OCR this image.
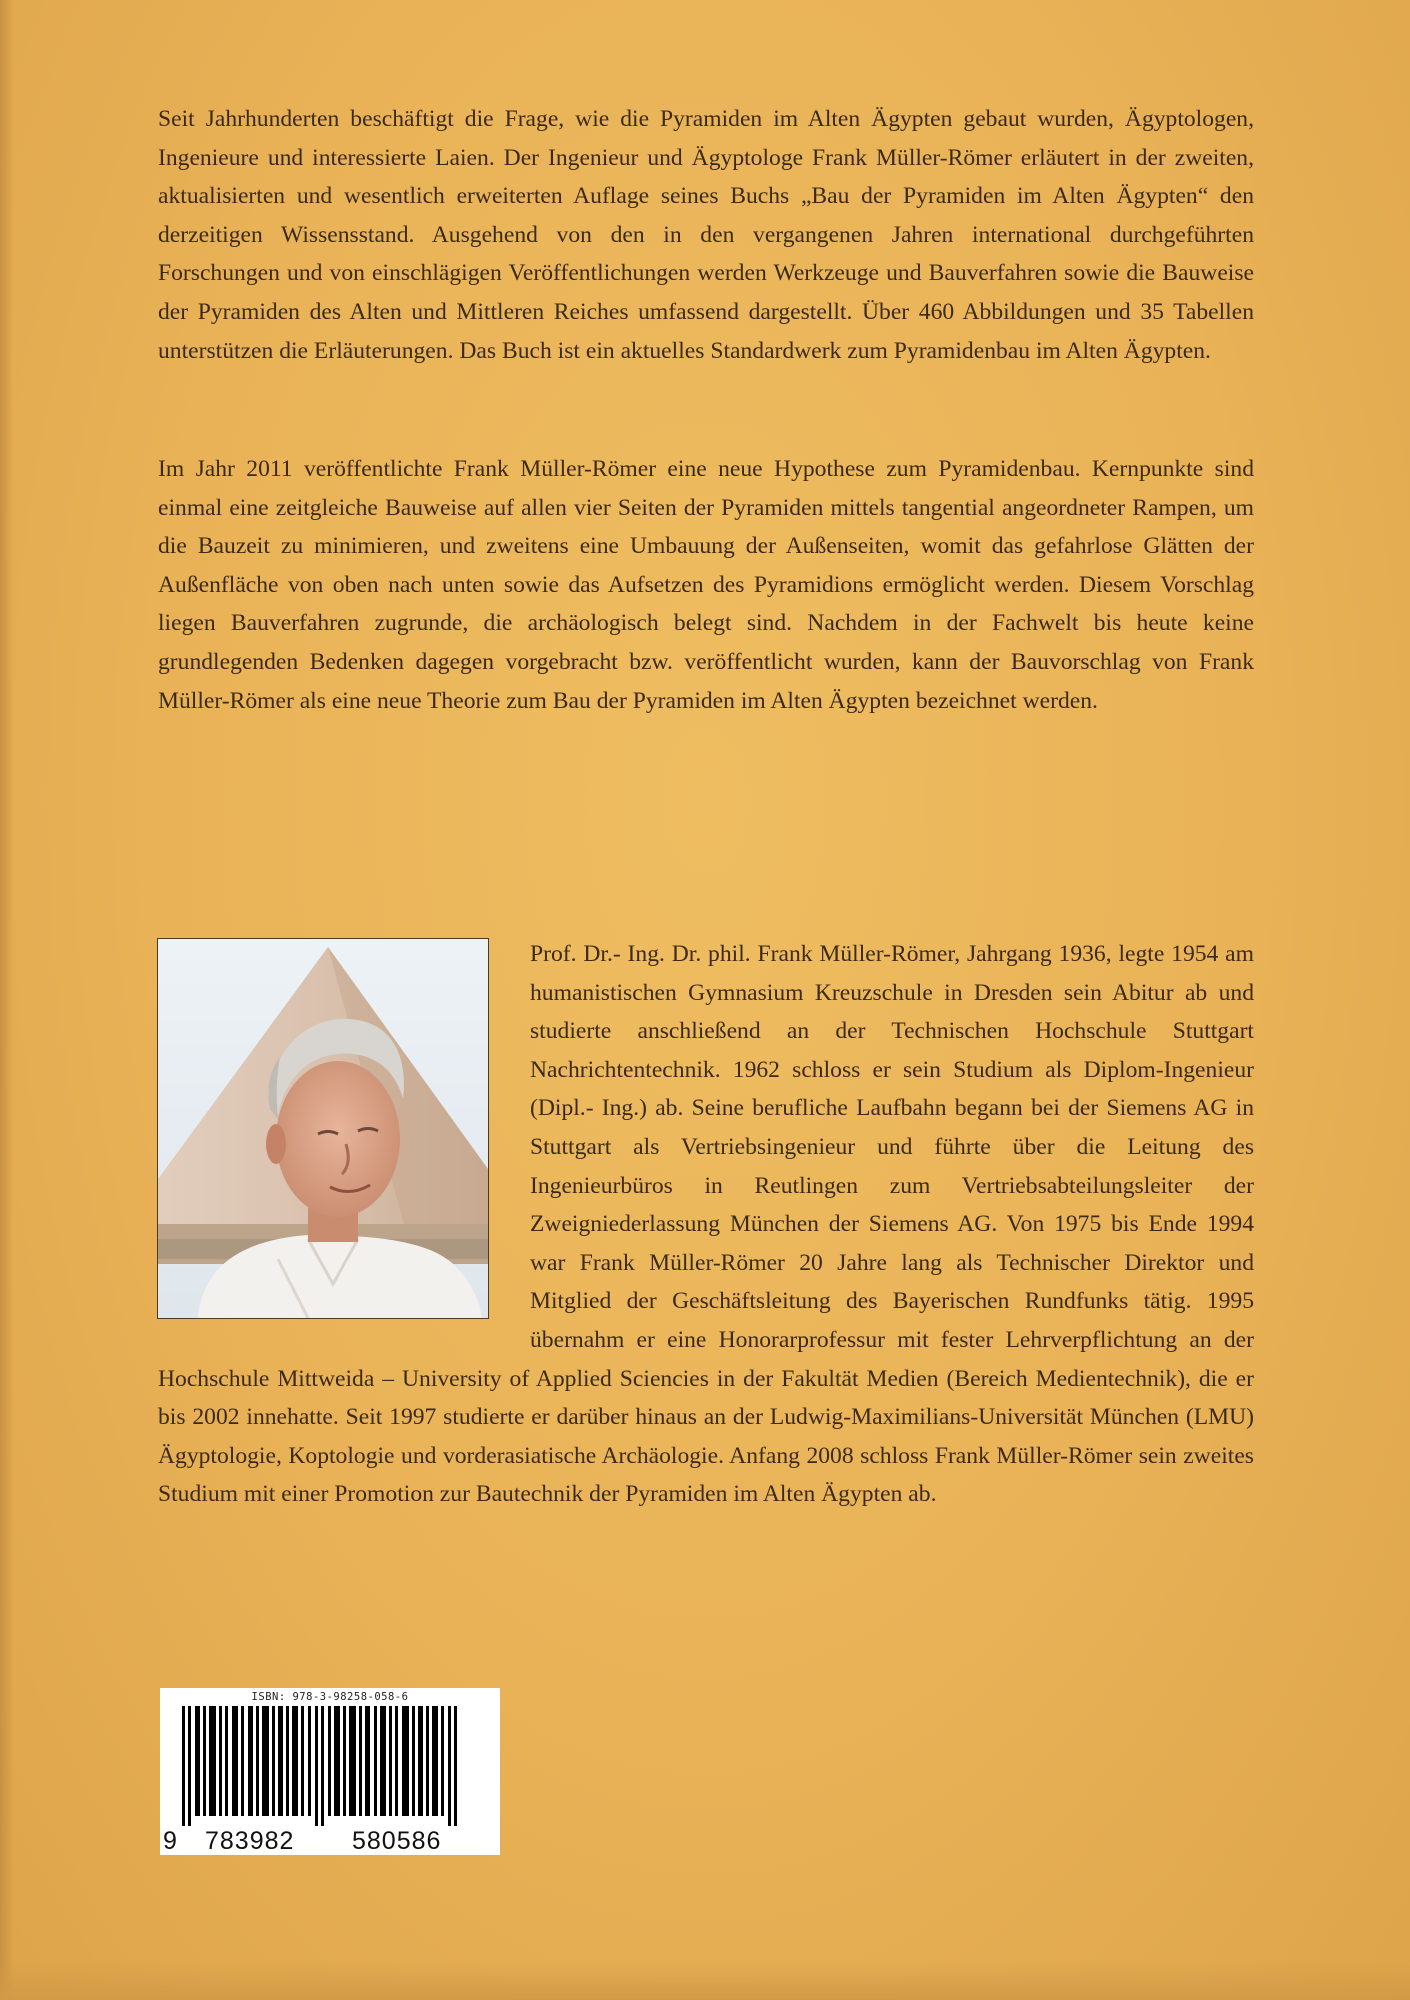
Seit Jahrhunderten beschäftigt die Frage, wie die Pyramiden im Alten Ägypten gebaut wurden, Ägyptologen, Ingenieure und interessierte Laien. Der Ingenieur und Ägyptologe Frank Müller-Römer erläutert in der zweiten, aktualisierten und wesentlich erweiterten Auflage seines Buchs „Bau der Pyramiden im Alten Ägypten“ den derzeitigen Wissensstand. Ausgehend von den in den vergangenen Jahren international durchgeführten Forschungen und von einschlägigen Veröffentlichungen werden Werkzeuge und Bauverfahren sowie die Bauweise der Pyramiden des Alten und Mittleren Reiches umfassend dargestellt. Über 460 Abbildungen und 35 Tabellen unterstützen die Erläuterungen. Das Buch ist ein aktuelles Standardwerk zum Pyramidenbau im Alten Ägypten.

Im Jahr 2011 veröffentlichte Frank Müller-Römer eine neue Hypothese zum Pyramidenbau. Kernpunkte sind einmal eine zeitgleiche Bauweise auf allen vier Seiten der Pyramiden mittels tangential angeordneter Rampen, um die Bauzeit zu minimieren, und zweitens eine Umbauung der Außenseiten, womit das gefahrlose Glätten der Außenfläche von oben nach unten sowie das Aufsetzen des Pyramidions ermöglicht werden. Diesem Vorschlag liegen Bauverfahren zugrunde, die archäologisch belegt sind. Nachdem in der Fachwelt bis heute keine grundlegenden Bedenken dagegen vorgebracht bzw. veröffentlicht wurden, kann der Bauvorschlag von Frank Müller-Römer als eine neue Theorie zum Bau der Pyramiden im Alten Ägypten bezeichnet werden.

Prof. Dr.- Ing. Dr. phil. Frank Müller-Römer, Jahrgang 1936, legte 1954 am humanistischen Gymnasium Kreuzschule in Dresden sein Abitur ab und studierte anschließend an der Technischen Hochschule Stuttgart Nachrichtentechnik. 1962 schloss er sein Studium als Diplom-Ingenieur (Dipl.- Ing.) ab. Seine berufliche Laufbahn begann bei der Siemens AG in Stuttgart als Vertriebsingenieur und führte über die Leitung des Ingenieurbüros in Reutlingen zum Vertriebsabteilungsleiter der Zweigniederlassung München der Siemens AG. Von 1975 bis Ende 1994 war Frank Müller-Römer 20 Jahre lang als Technischer Direktor und Mitglied der Geschäftsleitung des Bayerischen Rundfunks tätig. 1995 übernahm er eine Honorarprofessur mit fester Lehrverpflichtung an der Hochschule Mittweida – University of Applied Sciencies in der Fakultät Medien (Bereich Medientechnik), die er bis 2002 innehatte. Seit 1997 studierte er darüber hinaus an der Ludwig-Maximilians-Universität München (LMU) Ägyptologie, Koptologie und vorderasiatische Archäologie. Anfang 2008 schloss Frank Müller-Römer sein zweites Studium mit einer Promotion zur Bautechnik der Pyramiden im Alten Ägypten ab.
ISBN: 978-3-98258-058-6
9 783982 580586
